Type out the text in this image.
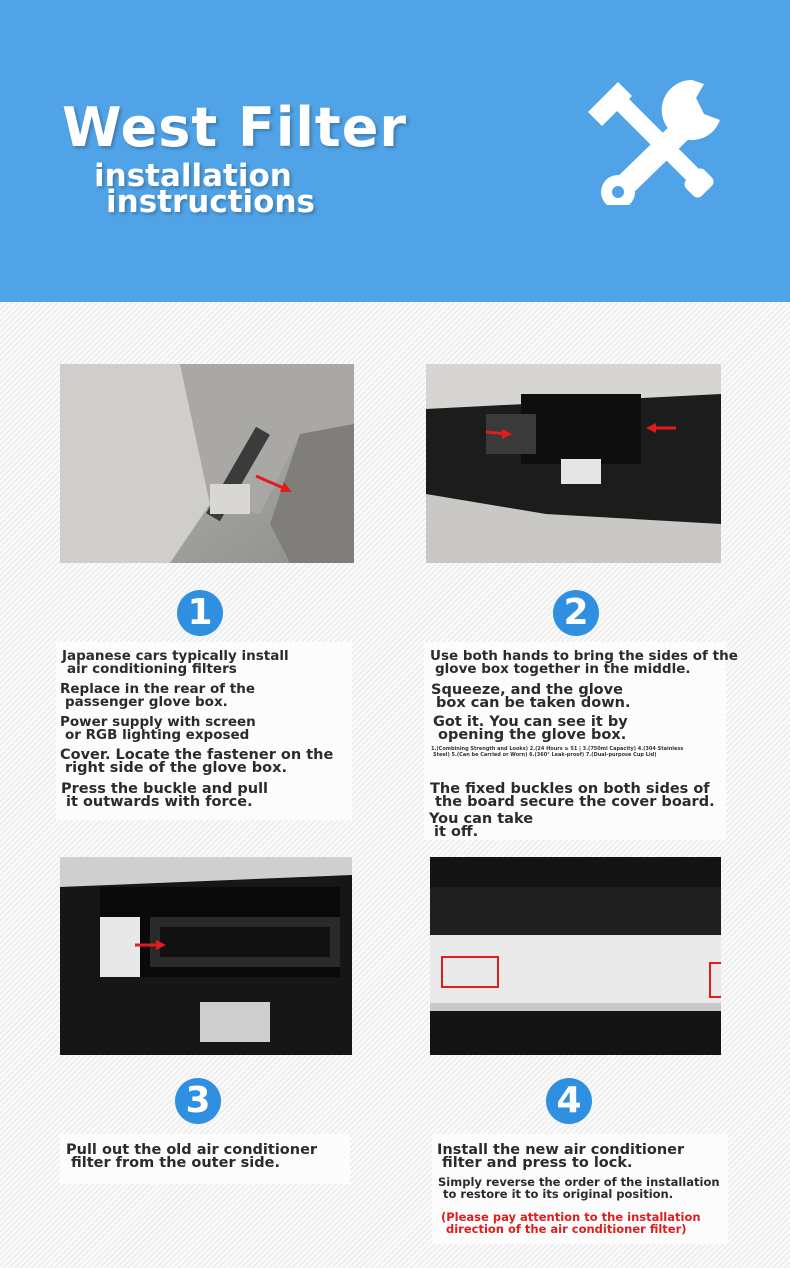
West Filter

installation

instructions

1

Japanese cars typically install
air conditioning filters

Replace in the rear of the
passenger glove box.

Power supply with screen
or RGB lighting exposed

Cover. Locate the fastener on the
right side of the glove box.

Press the buckle and pull
it outwards with force.

2

Use both hands to bring the sides of the
glove box together in the middle.

Squeeze, and the glove
box can be taken down.

Got it. You can see it by
opening the glove box.

1.(Combining Strength and Looks) 2.(24 Hours ≥ 51 | 3.(750ml Capacity) 4.(304 Stainless
Steel) 5.(Can be Carried or Worn) 6.(360° Leak-proof) 7.(Dual-purpose Cup Lid)

The fixed buckles on both sides of
the board secure the cover board.

You can take
it off.

3

Pull out the old air conditioner
filter from the outer side.

4

Install the new air conditioner
filter and press to lock.

Simply reverse the order of the installation
to restore it to its original position.

(Please pay attention to the installation
direction of the air conditioner filter)
